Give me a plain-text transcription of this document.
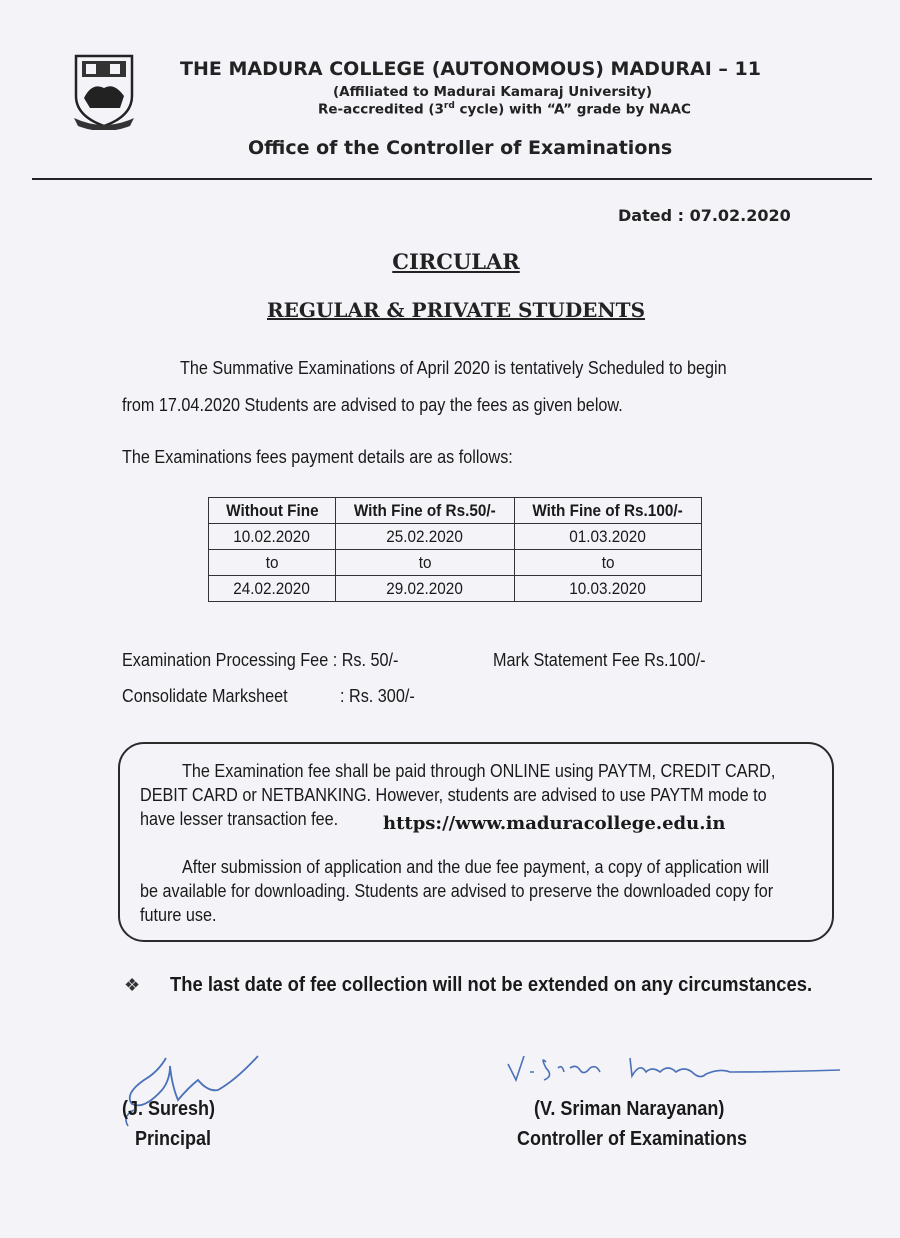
THE MADURA COLLEGE (AUTONOMOUS) MADURAI – 11
(Affiliated to Madurai Kamaraj University)
Re-accredited (3rd cycle) with “A” grade by NAAC
Office of the Controller of Examinations
Dated : 07.02.2020
CIRCULAR
REGULAR & PRIVATE STUDENTS
The Summative Examinations of April 2020 is tentatively Scheduled to begin
from 17.04.2020 Students are advised to pay the fees as given below.
The Examinations fees payment details are as follows:
Without Fine	With Fine of Rs.50/-	With Fine of Rs.100/-
10.02.2020	25.02.2020	01.03.2020
to	to	to
24.02.2020	29.02.2020	10.03.2020
Examination Processing Fee : Rs. 50/-	Mark Statement Fee Rs.100/-
Consolidate Marksheet	: Rs. 300/-
The Examination fee shall be paid through ONLINE using PAYTM, CREDIT CARD,
DEBIT CARD or NETBANKING. However, students are advised to use PAYTM mode to
have lesser transaction fee. https://www.maduracollege.edu.in
After submission of application and the due fee payment, a copy of application will
be available for downloading. Students are advised to preserve the downloaded copy for
future use.
❖ The last date of fee collection will not be extended on any circumstances.
(J. Suresh)
Principal
(V. Sriman Narayanan)
Controller of Examinations
